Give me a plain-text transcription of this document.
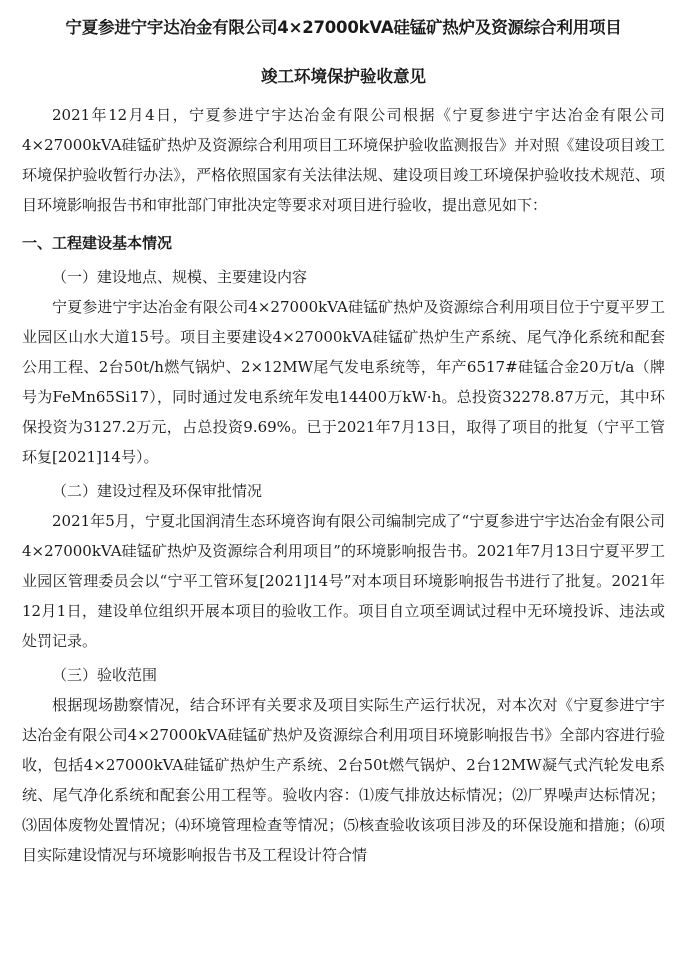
宁夏参进宁宇达冶金有限公司4×27000kVA硅锰矿热炉及资源综合利用项目
竣工环境保护验收意见

2021年12月4日，宁夏参进宁宇达冶金有限公司根据《宁夏参进宁宇达冶金有限公司4×27000kVA硅锰矿热炉及资源综合利用项目工环境保护验收监测报告》并对照《建设项目竣工环境保护验收暂行办法》，严格依照国家有关法律法规、建设项目竣工环境保护验收技术规范、项目环境影响报告书和审批部门审批决定等要求对项目进行验收，提出意见如下：

一、工程建设基本情况
（一）建设地点、规模、主要建设内容

宁夏参进宁宇达冶金有限公司4×27000kVA硅锰矿热炉及资源综合利用项目位于宁夏平罗工业园区山水大道15号。项目主要建设4×27000kVA硅锰矿热炉生产系统、尾气净化系统和配套公用工程、2台50t/h燃气锅炉、2×12MW尾气发电系统等，年产6517#硅锰合金20万t/a（牌号为FeMn65Si17），同时通过发电系统年发电14400万kW·h。总投资32278.87万元，其中环保投资为3127.2万元，占总投资9.69%。已于2021年7月13日，取得了项目的批复（宁平工管环复[2021]14号）。

（二）建设过程及环保审批情况

2021年5月，宁夏北国润清生态环境咨询有限公司编制完成了“宁夏参进宁宇达冶金有限公司4×27000kVA硅锰矿热炉及资源综合利用项目”的环境影响报告书。2021年7月13日宁夏平罗工业园区管理委员会以“宁平工管环复[2021]14号”对本项目环境影响报告书进行了批复。2021年12月1日，建设单位组织开展本项目的验收工作。项目自立项至调试过程中无环境投诉、违法或处罚记录。

（三）验收范围

根据现场勘察情况，结合环评有关要求及项目实际生产运行状况，对本次对《宁夏参进宁宇达冶金有限公司4×27000kVA硅锰矿热炉及资源综合利用项目环境影响报告书》全部内容进行验收，包括4×27000kVA硅锰矿热炉生产系统、2台50t燃气锅炉、2台12MW凝气式汽轮发电系统、尾气净化系统和配套公用工程等。验收内容：⑴废气排放达标情况；⑵厂界噪声达标情况；⑶固体废物处置情况；⑷环境管理检查等情况；⑸核查验收该项目涉及的环保设施和措施；⑹项目实际建设情况与环境影响报告书及工程设计符合情
